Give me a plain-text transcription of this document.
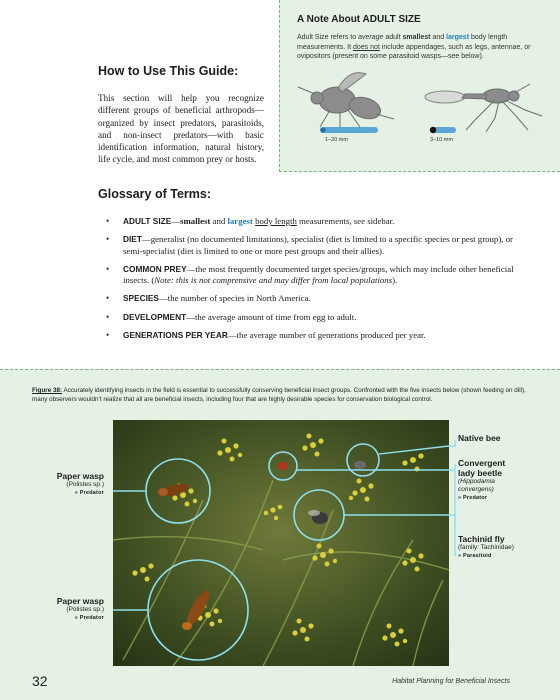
A Note About ADULT SIZE
Adult Size refers to average adult smallest and largest body length measurements. It does not include appendages, such as legs, antennae, or ovipositors (present on some parasitoid wasps—see below).
1–20 mm	3–10 mm
How to Use This Guide:
This section will help you recognize different groups of beneficial arthropods—organized by insect predators, parasitoids, and non-insect predators—with basic identification information, natural history, life cycle, and most common prey or hosts.
Glossary of Terms:
• ADULT SIZE—smallest and largest body length measurements, see sidebar.
• DIET—generalist (no documented limitations), specialist (diet is limited to a specific species or pest group), or semi-specialist (diet is limited to one or more pest groups and their allies).
• COMMON PREY—the most frequently documented target species/groups, which may include other beneficial insects. (Note: this is not comprensive and may differ from local populations).
• SPECIES—the number of species in North America.
• DEVELOPMENT—the average amount of time from egg to adult.
• GENERATIONS PER YEAR—the average number of generations produced per year.
Figure 38: Accurately identifying insects in the field is essential to successfully conserving beneficial insect groups. Confronted with the five insects below (shown feeding on dill), many observers wouldn’t realize that all are beneficial insects, including four that are highly desirable species for conservation biological control.
Native bee
Convergent
lady beetle
(Hippodamia
convergens)
» Predator
Tachinid fly
(family: Tachinidae)
» Parasitoid
Paper wasp
(Polistes sp.)
» Predator
Paper wasp
(Polistes sp.)
» Predator
32	Habitat Planning for Beneficial Insects
